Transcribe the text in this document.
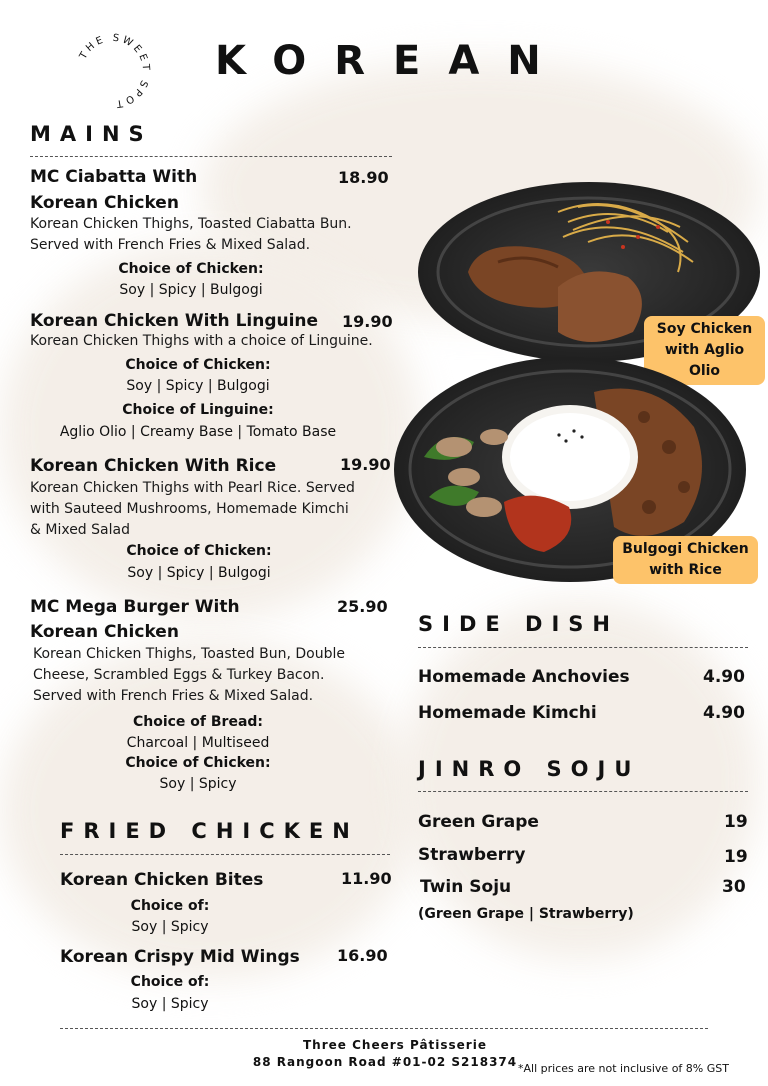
THE SWEET SPOT
KOREAN
MAINS
MC Ciabatta With	18.90
Korean Chicken
Korean Chicken Thighs, Toasted Ciabatta Bun.
Served with French Fries & Mixed Salad.
Choice of Chicken:
Soy | Spicy | Bulgogi
Korean Chicken With Linguine 19.90
Korean Chicken Thighs with a choice of Linguine.
Choice of Chicken:
Soy | Spicy | Bulgogi
Choice of Linguine:
Aglio Olio | Creamy Base | Tomato Base
Korean Chicken With Rice	19.90
Korean Chicken Thighs with Pearl Rice. Served
with Sauteed Mushrooms, Homemade Kimchi
& Mixed Salad
Choice of Chicken:
Soy | Spicy | Bulgogi
MC Mega Burger With	25.90
Korean Chicken
Korean Chicken Thighs, Toasted Bun, Double
Cheese, Scrambled Eggs & Turkey Bacon.
Served with French Fries & Mixed Salad.
Choice of Bread:
Charcoal | Multiseed
Choice of Chicken:
Soy | Spicy
FRIED CHICKEN
Korean Chicken Bites	11.90
Choice of:
Soy | Spicy
Korean Crispy Mid Wings 16.90
Choice of:
Soy | Spicy
Soy Chicken
with Aglio Olio
Bulgogi Chicken
with Rice
SIDE DISH
Homemade Anchovies	4.90
Homemade Kimchi	4.90
JINRO SOJU
Green Grape	19
Strawberry	19
Twin Soju	30
(Green Grape | Strawberry)
Three Cheers Pâtisserie
88 Rangoon Road #01-02 S218374 *All prices are not inclusive of 8% GST
